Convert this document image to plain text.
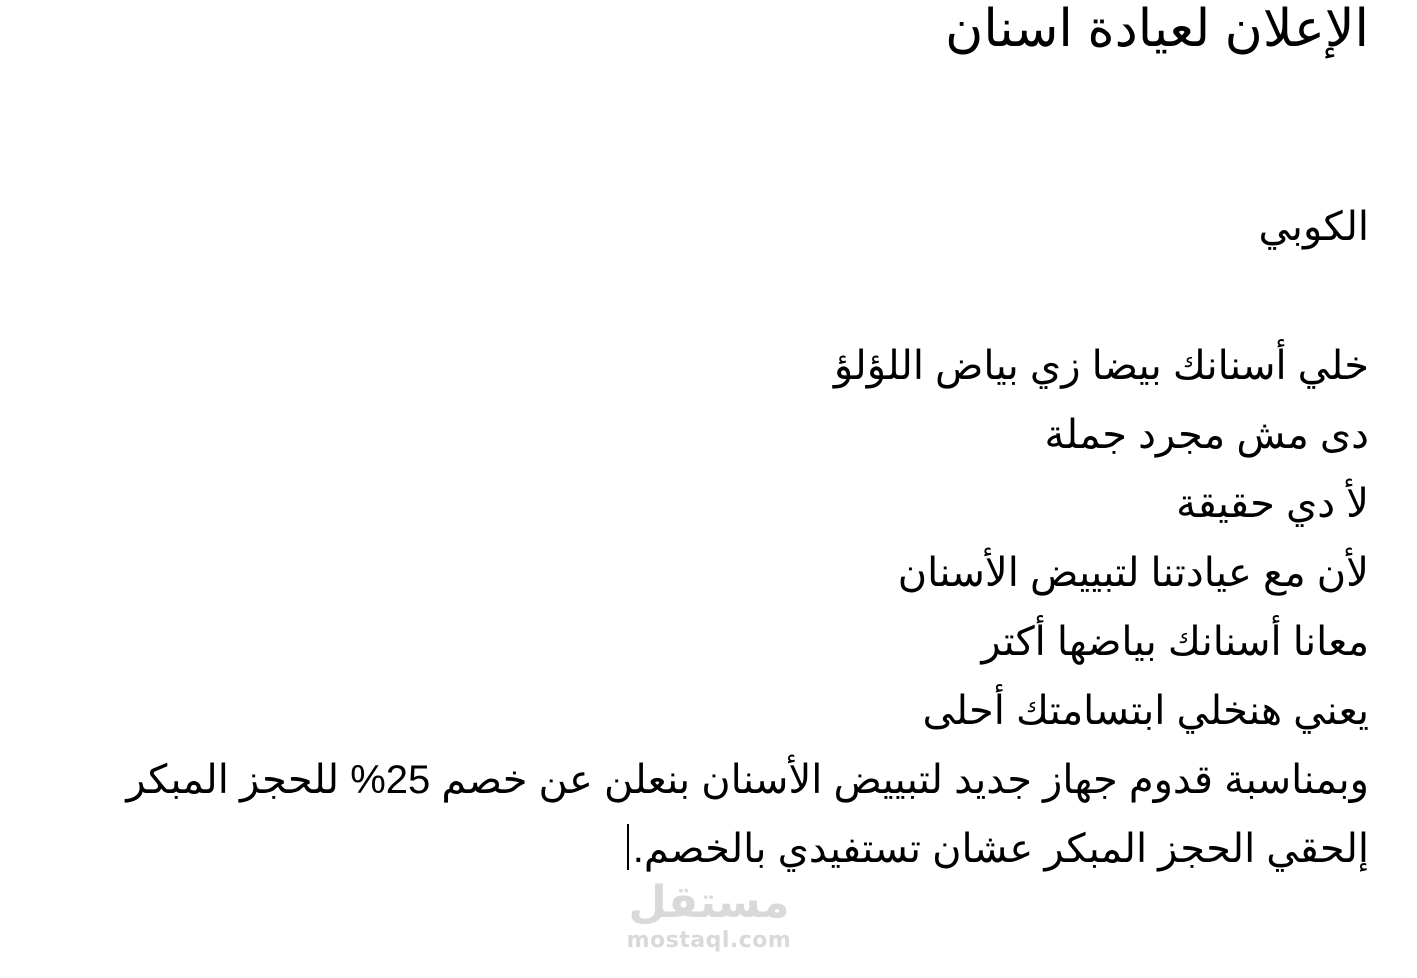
الإعلان لعيادة اسنان
الكوبي
خلي أسنانك بيضا زي بياض اللؤلؤ
دى مش مجرد جملة
لأ دي حقيقة
لأن مع عيادتنا لتبييض الأسنان
معانا أسنانك بياضها أكتر
يعني هنخلي ابتسامتك أحلى
وبمناسبة قدوم جهاز جديد لتبييض الأسنان بنعلن عن خصم 25% للحجز المبكر
إلحقي الحجز المبكر عشان تستفيدي بالخصم.
مستقل
mostaql.com
